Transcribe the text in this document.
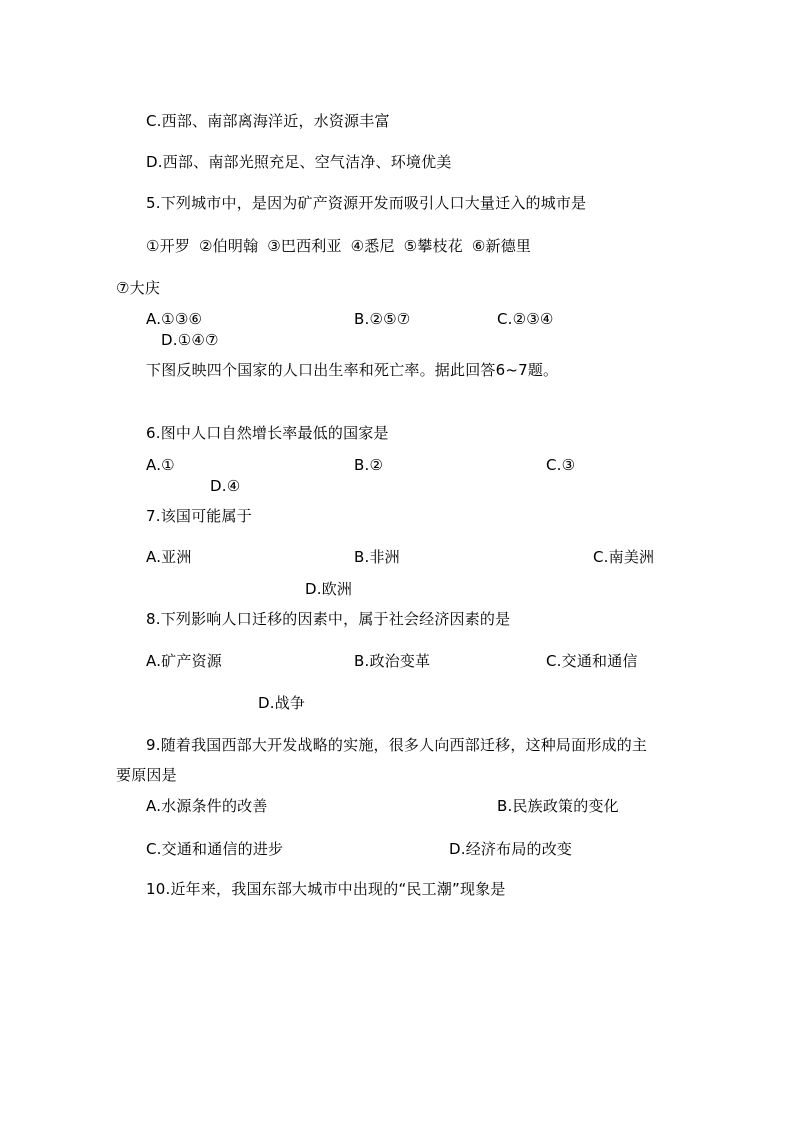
C.西部、南部离海洋近，水资源丰富
D.西部、南部光照充足、空气洁净、环境优美
5.下列城市中，是因为矿产资源开发而吸引人口大量迁入的城市是
①开罗 ②伯明翰 ③巴西利亚 ④悉尼 ⑤攀枝花 ⑥新德里
⑦大庆
A.①③⑥	B.②⑤⑦	C.②③④
D.①④⑦
下图反映四个国家的人口出生率和死亡率。据此回答6~7题。
6.图中人口自然增长率最低的国家是
A.①	B.②	C.③
D.④
7.该国可能属于
A.亚洲	B.非洲	C.南美洲
D.欧洲
8.下列影响人口迁移的因素中，属于社会经济因素的是
A.矿产资源	B.政治变革	C.交通和通信
D.战争
9.随着我国西部大开发战略的实施，很多人向西部迁移，这种局面形成的主
要原因是
A.水源条件的改善	B.民族政策的变化
C.交通和通信的进步	D.经济布局的改变
10.近年来，我国东部大城市中出现的“民工潮”现象是
